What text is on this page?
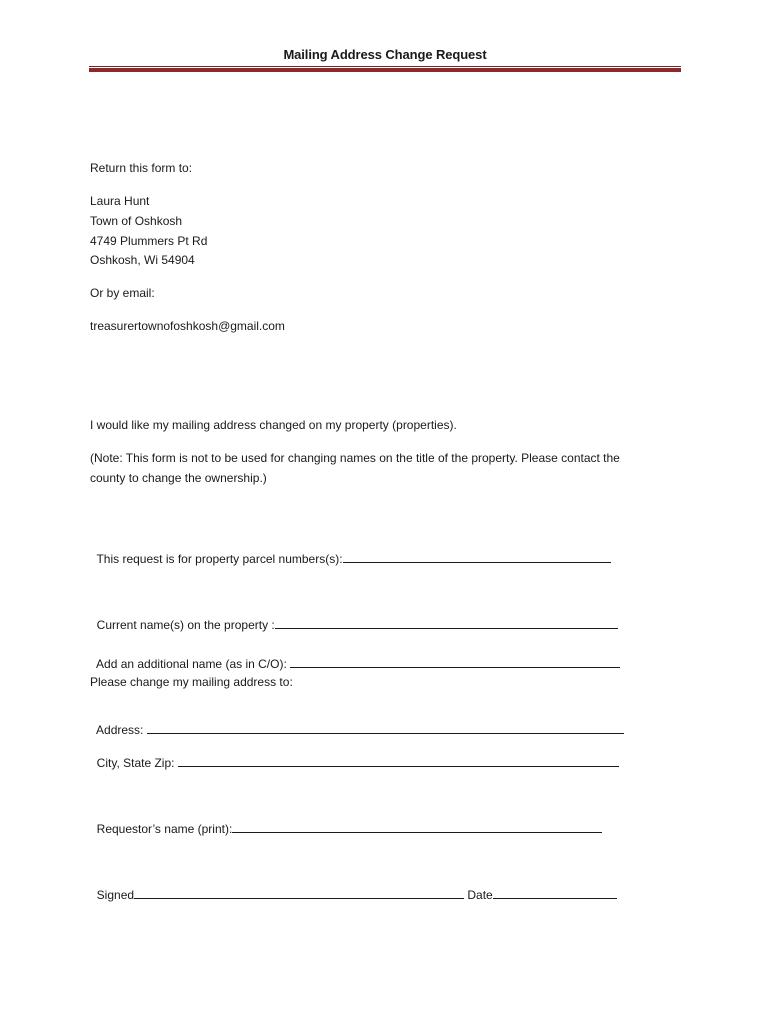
Mailing Address Change Request
Return this form to:
Laura Hunt
Town of Oshkosh
4749 Plummers Pt Rd
Oshkosh, Wi 54904
Or by email:
treasurertownofoshkosh@gmail.com
I would like my mailing address changed on my property (properties).
(Note: This form is not to be used for changing names on the title of the property. Please contact the
county to change the ownership.)

This request is for property parcel numbers(s):

Current name(s) on the property :

Add an additional name (as in C/O):

Please change my mailing address to:

Address:

City, State Zip:

Requestor’s name (print):

Signed	Date
